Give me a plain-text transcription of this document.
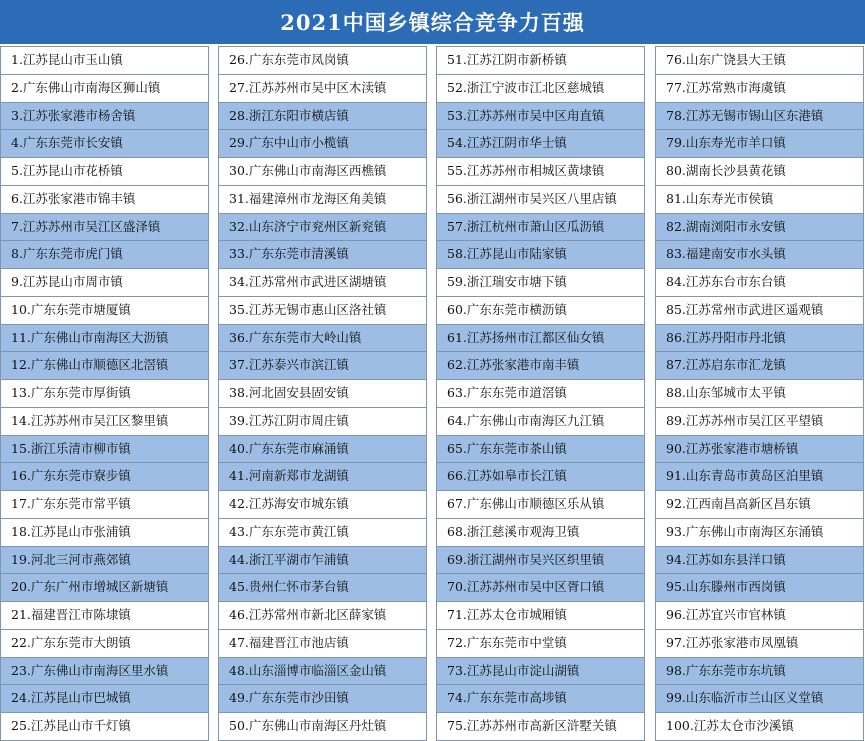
2021中国乡镇综合竞争力百强
1.江苏昆山市玉山镇
2.广东佛山市南海区狮山镇
3.江苏张家港市杨舍镇
4.广东东莞市长安镇
5.江苏昆山市花桥镇
6.江苏张家港市锦丰镇
7.江苏苏州市吴江区盛泽镇
8.广东东莞市虎门镇
9.江苏昆山市周市镇
10.广东东莞市塘厦镇
11.广东佛山市南海区大沥镇
12.广东佛山市顺德区北滘镇
13.广东东莞市厚街镇
14.江苏苏州市吴江区黎里镇
15.浙江乐清市柳市镇
16.广东东莞市寮步镇
17.广东东莞市常平镇
18.江苏昆山市张浦镇
19.河北三河市燕郊镇
20.广东广州市增城区新塘镇
21.福建晋江市陈埭镇
22.广东东莞市大朗镇
23.广东佛山市南海区里水镇
24.江苏昆山市巴城镇
25.江苏昆山市千灯镇
26.广东东莞市凤岗镇
27.江苏苏州市吴中区木渎镇
28.浙江东阳市横店镇
29.广东中山市小榄镇
30.广东佛山市南海区西樵镇
31.福建漳州市龙海区角美镇
32.山东济宁市兖州区新兖镇
33.广东东莞市清溪镇
34.江苏常州市武进区湖塘镇
35.江苏无锡市惠山区洛社镇
36.广东东莞市大岭山镇
37.江苏泰兴市滨江镇
38.河北固安县固安镇
39.江苏江阴市周庄镇
40.广东东莞市麻涌镇
41.河南新郑市龙湖镇
42.江苏海安市城东镇
43.广东东莞市黄江镇
44.浙江平湖市乍浦镇
45.贵州仁怀市茅台镇
46.江苏常州市新北区薛家镇
47.福建晋江市池店镇
48.山东淄博市临淄区金山镇
49.广东东莞市沙田镇
50.广东佛山市南海区丹灶镇
51.江苏江阴市新桥镇
52.浙江宁波市江北区慈城镇
53.江苏苏州市吴中区甪直镇
54.江苏江阴市华士镇
55.江苏苏州市相城区黄埭镇
56.浙江湖州市吴兴区八里店镇
57.浙江杭州市萧山区瓜沥镇
58.江苏昆山市陆家镇
59.浙江瑞安市塘下镇
60.广东东莞市横沥镇
61.江苏扬州市江都区仙女镇
62.江苏张家港市南丰镇
63.广东东莞市道滘镇
64.广东佛山市南海区九江镇
65.广东东莞市茶山镇
66.江苏如皋市长江镇
67.广东佛山市顺德区乐从镇
68.浙江慈溪市观海卫镇
69.浙江湖州市吴兴区织里镇
70.江苏苏州市吴中区胥口镇
71.江苏太仓市城厢镇
72.广东东莞市中堂镇
73.江苏昆山市淀山湖镇
74.广东东莞市高埗镇
75.江苏苏州市高新区浒墅关镇
76.山东广饶县大王镇
77.江苏常熟市海虞镇
78.江苏无锡市锡山区东港镇
79.山东寿光市羊口镇
80.湖南长沙县黄花镇
81.山东寿光市侯镇
82.湖南浏阳市永安镇
83.福建南安市水头镇
84.江苏东台市东台镇
85.江苏常州市武进区遥观镇
86.江苏丹阳市丹北镇
87.江苏启东市汇龙镇
88.山东邹城市太平镇
89.江苏苏州市吴江区平望镇
90.江苏张家港市塘桥镇
91.山东青岛市黄岛区泊里镇
92.江西南昌高新区昌东镇
93.广东佛山市南海区东涌镇
94.江苏如东县洋口镇
95.山东滕州市西岗镇
96.江苏宜兴市官林镇
97.江苏张家港市凤凰镇
98.广东东莞市东坑镇
99.山东临沂市兰山区义堂镇
100.江苏太仓市沙溪镇
